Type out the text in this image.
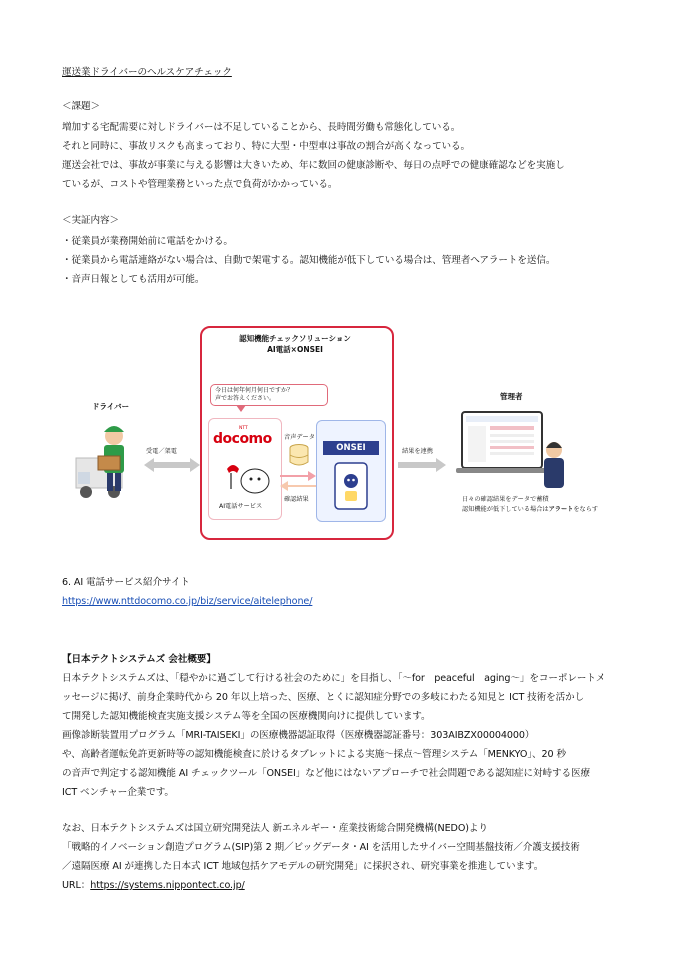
運送業ドライバーのヘルスケアチェック
＜課題＞
増加する宅配需要に対しドライバーは不足していることから、長時間労働も常態化している。
それと同時に、事故リスクも高まっており、特に大型・中型車は事故の割合が高くなっている。
運送会社では、事故が事業に与える影響は大きいため、年に数回の健康診断や、毎日の点呼での健康確認などを実施し
ているが、コストや管理業務といった点で負荷がかかっている。
＜実証内容＞
・従業員が業務開始前に電話をかける。
・従業員から電話連絡がない場合は、自動で架電する。認知機能が低下している場合は、管理者へアラートを送信。
・音声日報としても活用が可能。
認知機能チェックソリューション
AI電話×ONSEI
今日は何年何月何日ですか？
声でお答えください。
ドライバー
受電／架電
NTT
docomo
AI電話サービス
音声データ
確認結果
ONSEI	結果を連携
管理者
日々の確認結果をデータで蓄積
認知機能が低下している場合はアラートをならす
6. AI 電話サービス紹介サイト
https://www.nttdocomo.co.jp/biz/service/aitelephone/
【日本テクトシステムズ 会社概要】
日本テクトシステムズは、「穏やかに過ごして行ける社会のために」を目指し、「～for　peaceful　aging～」をコーポレートメ
ッセージに掲げ、前身企業時代から 20 年以上培った、医療、とくに認知症分野での多岐にわたる知見と ICT 技術を活かし
て開発した認知機能検査実施支援システム等を全国の医療機関向けに提供しています。
画像診断装置用プログラム「MRI-TAISEKI」の医療機器認証取得（医療機器認証番号：303AIBZX00004000）
や、高齢者運転免許更新時等の認知機能検査に於けるタブレットによる実施～採点～管理システム「MENKYO」、20 秒
の音声で判定する認知機能 AI チェックツール「ONSEI」など他にはないアプローチで社会問題である認知症に対峙する医療
ICT ベンチャー企業です。
なお、日本テクトシステムズは国立研究開発法人 新エネルギー・産業技術総合開発機構(NEDO)より
「戦略的イノベーション創造プログラム(SIP)第 2 期／ビッグデータ・AI を活用したサイバー空間基盤技術／介護支援技術
／遠隔医療 AI が連携した日本式 ICT 地域包括ケアモデルの研究開発」に採択され、研究事業を推進しています。
URL：https://systems.nippontect.co.jp/
